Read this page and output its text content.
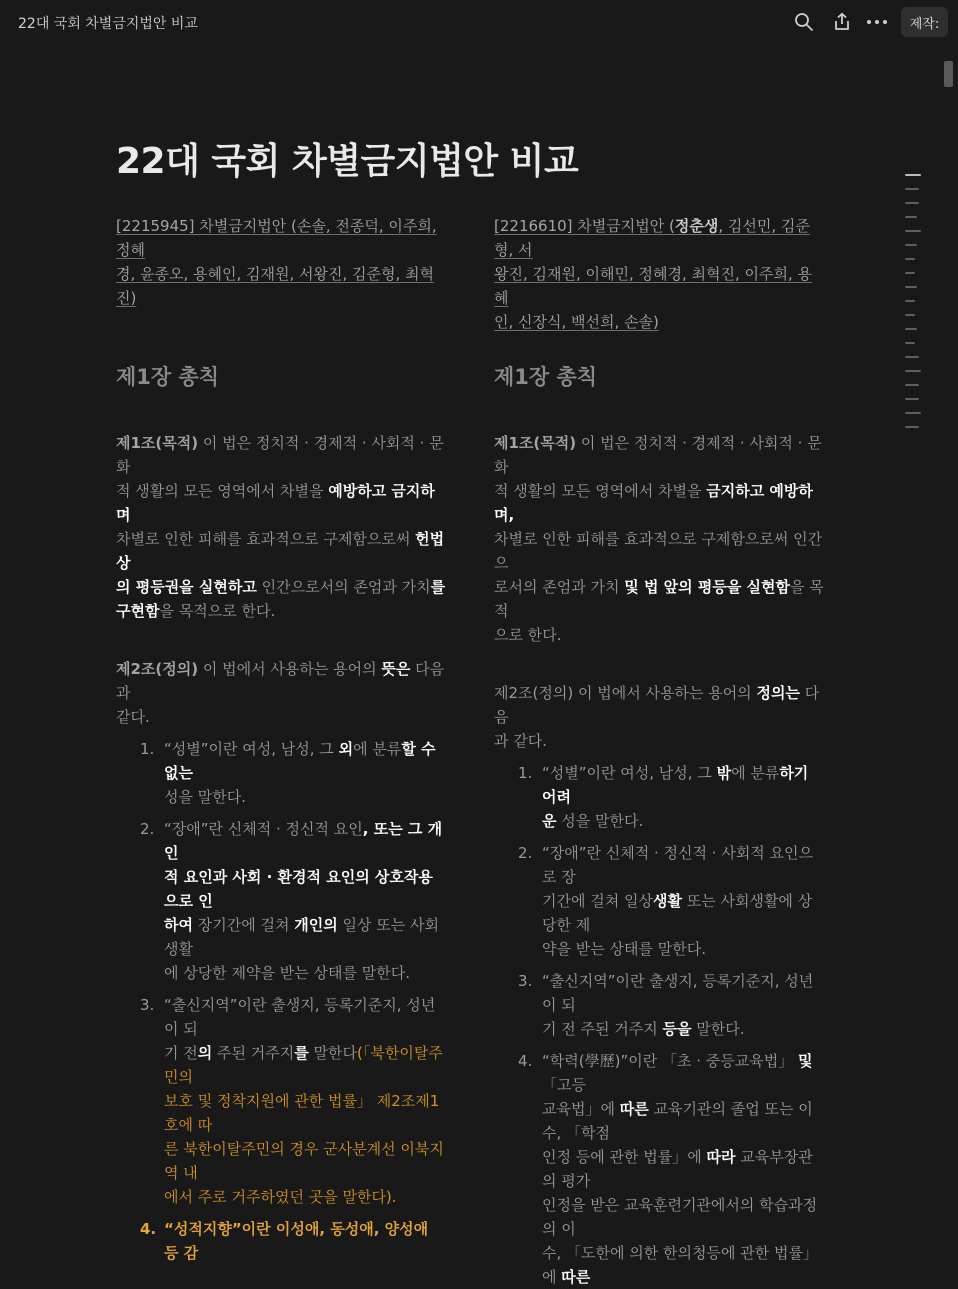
22대 국회 차별금지법안 비교	제작:
22대 국회 차별금지법안 비교

[2215945] 차별금지법안 (손솔, 전종덕, 이주희, 정혜
경, 윤종오, 용혜인, 김재원, 서왕진, 김준형, 최혁진)

제1장 총칙

제1조(목적) 이 법은 정치적 · 경제적 · 사회적 · 문화
적 생활의 모든 영역에서 차별을 예방하고 금지하며
차별로 인한 피해를 효과적으로 구제함으로써 헌법상
의 평등권을 실현하고 인간으로서의 존엄과 가치를
구현함을 목적으로 한다.

제2조(정의) 이 법에서 사용하는 용어의 뜻은 다음과
같다.

1. “성별”이란 여성, 남성, 그 외에 분류할 수 없는
성을 말한다.
2. “장애”란 신체적 · 정신적 요인, 또는 그 개인
적 요인과 사회 · 환경적 요인의 상호작용으로 인
하여 장기간에 걸쳐 개인의 일상 또는 사회생활
에 상당한 제약을 받는 상태를 말한다.
3. “출신지역”이란 출생지, 등록기준지, 성년이 되
기 전의 주된 거주지를 말한다(「북한이탈주민의
보호 및 정착지원에 관한 법률」 제2조제1호에 따
른 북한이탈주민의 경우 군사분계선 이북지역 내
에서 주로 거주하였던 곳을 말한다).
4. “성적지향”이란 이성애, 동성애, 양성애 등 감

[2216610] 차별금지법안 (정춘생, 김선민, 김준형, 서
왕진, 김재원, 이해민, 정혜경, 최혁진, 이주희, 용혜
인, 신장식, 백선희, 손솔)

제1장 총칙

제1조(목적) 이 법은 정치적 · 경제적 · 사회적 · 문화
적 생활의 모든 영역에서 차별을 금지하고 예방하며,
차별로 인한 피해를 효과적으로 구제함으로써 인간으
로서의 존엄과 가치 및 법 앞의 평등을 실현함을 목적
으로 한다.

제2조(정의) 이 법에서 사용하는 용어의 정의는 다음
과 같다.

1. “성별”이란 여성, 남성, 그 밖에 분류하기 어려
운 성을 말한다.
2. “장애”란 신체적 · 정신적 · 사회적 요인으로 장
기간에 걸쳐 일상생활 또는 사회생활에 상당한 제
약을 받는 상태를 말한다.
3. “출신지역”이란 출생지, 등록기준지, 성년이 되
기 전 주된 거주지 등을 말한다.
4. “학력(學歷)”이란 「초 · 중등교육법」 및 「고등
교육법」에 따른 교육기관의 졸업 또는 이수, 「학점
인정 등에 관한 법률」에 따라 교육부장관의 평가
인정을 받은 교육훈련기관에서의 학습과정의 이
수, 「도한에 의한 한의청등에 관한 법률」에 따른
